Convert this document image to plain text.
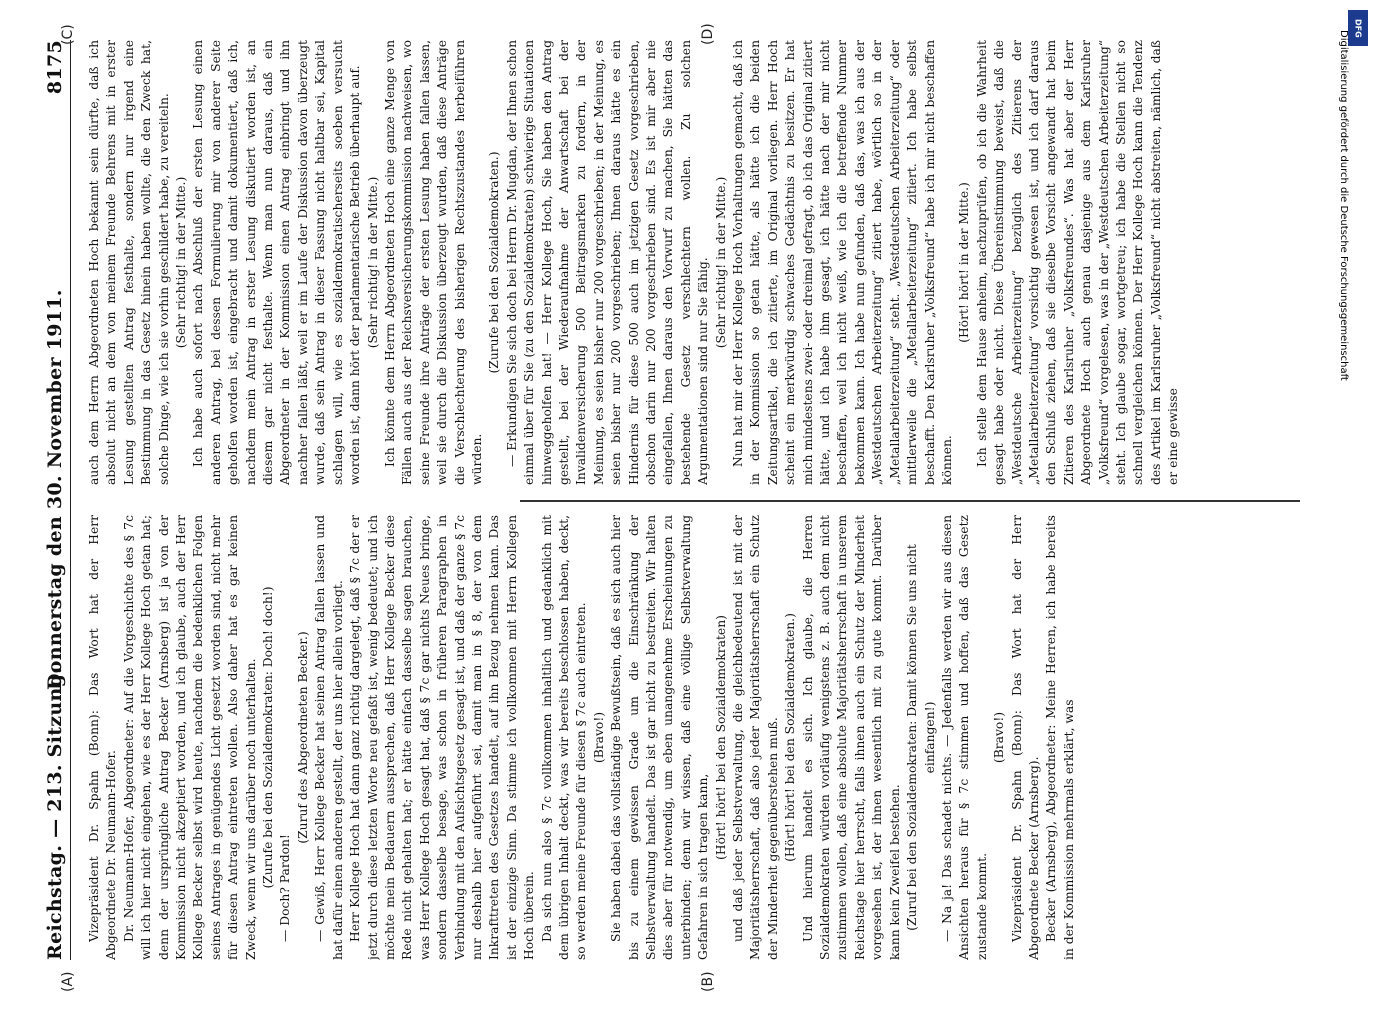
Reichstag. — 213. Sitzung.
Donnerstag den 30. November 1911.
8175
(A)	(B)
(C)	(D)

Vizepräsident Dr. Spahn (Bonn): Das Wort hat der Herr Abgeordnete Dr. Neumann-Hofer. Dr. Neumann-Hofer, Abgeordneter: Auf die Vorgeschichte des § 7c will ich hier nicht eingehen, wie es der Herr Kollege Hoch getan hat; denn der ursprüngliche Antrag Becker (Arnsberg) ist ja von der Kommission nicht akzeptiert worden, und ich glaube, auch der Herr Kollege Becker selbst wird heute, nachdem die bedenklichen Folgen seines Antrages in genügendes Licht gesetzt worden sind, nicht mehr für diesen Antrag eintreten wollen. Also daher hat es gar keinen Zweck, wenn wir uns darüber noch unterhalten. (Zurufe bei den Sozialdemokraten: Doch! doch!) — Doch? Pardon!

(Zuruf des Abgeordneten Becker.) — Gewiß, Herr Kollege Becker hat seinen Antrag fallen lassen und hat dafür einen anderen gestellt, der uns hier allein vorliegt. Herr Kollege Hoch hat dann ganz richtig dargelegt, daß § 7c der er jetzt durch diese letzten Worte neu gefaßt ist, wenig bedeutet; und ich möchte mein Bedauern aussprechen, daß Herr Kollege Becker diese Rede nicht gehalten hat; er hätte einfach dasselbe sagen brauchen, was Herr Kollege Hoch gesagt hat, daß § 7c gar nichts Neues bringe, sondern dasselbe besage, was schon in früheren Paragraphen in Verbindung mit den Aufsichtsgesetz gesagt ist, und daß der ganze § 7c nur deshalb hier aufgeführt sei, damit man in § 8, der von dem Inkrafttreten des Gesetzes handelt, auf ihn Bezug nehmen kann. Das ist der einzige Sinn. Da stimme ich vollkommen mit Herrn Kollegen Hoch überein. Da sich nun also § 7c vollkommen inhaltlich und gedanklich mit dem übrigen Inhalt deckt, was wir bereits beschlossen haben, deckt, so werden meine Freunde für diesen § 7c auch eintreten. (Bravo!) Sie haben dabei das vollständige Bewußtsein, daß es sich auch hier bis zu einem gewissen Grade um die Einschränkung der Selbstverwaltung handelt. Das ist gar nicht zu bestreiten. Wir halten dies aber für notwendig, um eben unangenehme Erscheinungen zu unterbinden; denn wir wissen, daß eine völlige Selbstverwaltung Gefahren in sich tragen kann,

(Hört! hört! bei den Sozialdemokraten) und daß jeder Selbstverwaltung, die gleichbedeutend ist mit der Majoritätsherrschaft, daß also jeder Majoritätsherrschaft ein Schutz der Minderheit gegenüberstehen muß. (Hört! hört! bei den Sozialdemokraten.) Und hierum handelt es sich. Ich glaube, die Herren Sozialdemokraten würden vorläufig wenigstens z. B. auch dem nicht zustimmen wollen, daß eine absolute Majoritätsherrschaft in unserem Reichstage hier herrscht, falls ihnen auch ein Schutz der Minderheit vorgesehen ist, der ihnen wesentlich mit zu gute kommt. Darüber kann kein Zweifel bestehen. (Zuruf bei den Sozialdemokraten: Damit können Sie uns nicht einfangen!) — Na ja! Das schadet nichts. — Jedenfalls werden wir aus diesen Ansichten heraus für § 7c stimmen und hoffen, daß das Gesetz zustande kommt.

(Bravo!) Vizepräsident Dr. Spahn (Bonn): Das Wort hat der Herr Abgeordnete Becker (Arnsberg). Becker (Arnsberg), Abgeordneter: Meine Herren, ich habe bereits in der Kommission mehrmals erklärt, was

auch dem Herrn Abgeordneten Hoch bekannt sein dürfte, daß ich absolut nicht an dem von meinem Freunde Behrens mit in erster Lesung gestellten Antrag festhalte, sondern nur irgend eine Bestimmung in das Gesetz hinein haben wollte, die den Zweck hat, solche Dinge, wie ich sie vorhin geschildert habe, zu vereiteln. (Sehr richtig! in der Mitte.) Ich habe auch sofort nach Abschluß der ersten Lesung einen anderen Antrag, bei dessen Formulierung mir von anderer Seite geholfen worden ist, eingebracht und damit dokumentiert, daß ich, nachdem mein Antrag in erster Lesung diskutiert worden ist, an diesem gar nicht festhalte. Wenn man nun daraus, daß ein Abgeordneter in der Kommission einen Antrag einbringt und ihn nachher fallen läßt, weil er im Laufe der Diskussion davon überzeugt wurde, daß sein Antrag in dieser Fassung nicht haltbar sei, Kapital schlagen will, wie es sozialdemokratischerseits soeben versucht worden ist, dann hört der parlamentarische Betrieb überhaupt auf. (Sehr richtig! in der Mitte.) Ich könnte dem Herrn Abgeordneten Hoch eine ganze Menge von Fällen auch aus der Reichsversicherungskommission nachweisen, wo seine Freunde ihre Anträge der ersten Lesung haben fallen lassen, weil sie durch die Diskussion überzeugt wurden, daß diese Anträge die Verschlechterung des bisherigen Rechtszustandes herbeiführen würden.

(Zurufe bei den Sozialdemokraten.) — Erkundigen Sie sich doch bei Herrn Dr. Mugdan, der Ihnen schon einmal über für Sie (zu den Sozialdemokraten) schwierige Situationen hinweggeholfen hat! — Herr Kollege Hoch, Sie haben den Antrag gestellt, bei der Wiederaufnahme der Anwartschaft bei der Invalidenversicherung 500 Beitragsmarken zu fordern, in der Meinung, es seien bisher nur 200 vorgeschrieben; in der Meinung, es seien bisher nur 200 vorgeschrieben; Ihnen daraus hätte es ein Hindernis für diese 500 auch im jetzigen Gesetz vorgeschrieben, obschon darin nur 200 vorgeschrieben sind. Es ist mir aber nie eingefallen, Ihnen daraus den Vorwurf zu machen, Sie hätten das bestehende Gesetz verschlechtern wollen. Zu solchen Argumentationen sind nur Sie fähig. (Sehr richtig! in der Mitte.) Nun hat mir der Herr Kollege Hoch Vorhaltungen gemacht, daß ich in der Kommission so getan hätte, als hätte ich die beiden Zeitungsartikel, die ich zitierte, im Original vorliegen. Herr Hoch scheint ein merkwürdig schwaches Gedächtnis zu besitzen. Er hat mich mindestens zwei- oder dreimal gefragt, ob ich das Original zitiert hätte, und ich habe ihm gesagt, ich hätte nach der mir nicht beschaffen, weil ich nicht weiß, wie ich die betreffende Nummer bekommen kann. Ich habe nun gefunden, daß das, was ich aus der „Westdeutschen Arbeiterzeitung“ zitiert habe, wörtlich so in der „Metallarbeiterzeitung“ steht. „Westdeutschen Arbeiterzeitung“ oder mittlerweile die „Metallarbeiterzeitung“ zitiert. Ich habe selbst beschafft. Den Karlsruher „Volksfreund“ habe ich mir nicht beschaffen können.

(Hört! hört! in der Mitte.) Ich stelle dem Hause anheim, nachzuprüfen, ob ich die Wahrheit gesagt habe oder nicht. Diese Übereinstimmung beweist, daß die „Westdeutsche Arbeiterzeitung“ bezüglich des Zitierens der „Metallarbeiterzeitung“ vorsichtig gewesen ist, und ich darf daraus den Schluß ziehen, daß sie dieselbe Vorsicht angewandt hat beim Zitieren des Karlsruher „Volksfreundes“. Was hat aber der Herr Abgeordnete Hoch auch genau dasjenige aus dem Karlsruher „Volksfreund“ vorgelesen, was in der „Westdeutschen Arbeiterzeitung“ steht. Ich glaube sogar, wortgetreu; ich habe die Stellen nicht so schnell vergleichen können. Der Herr Kollege Hoch kann die Tendenz des Artikel im Karlsruher „Volksfreund“ nicht abstreiten, nämlich, daß er eine gewisse

DFG
Digitalisierung gefördert durch die Deutsche Forschungsgemeinschaft
